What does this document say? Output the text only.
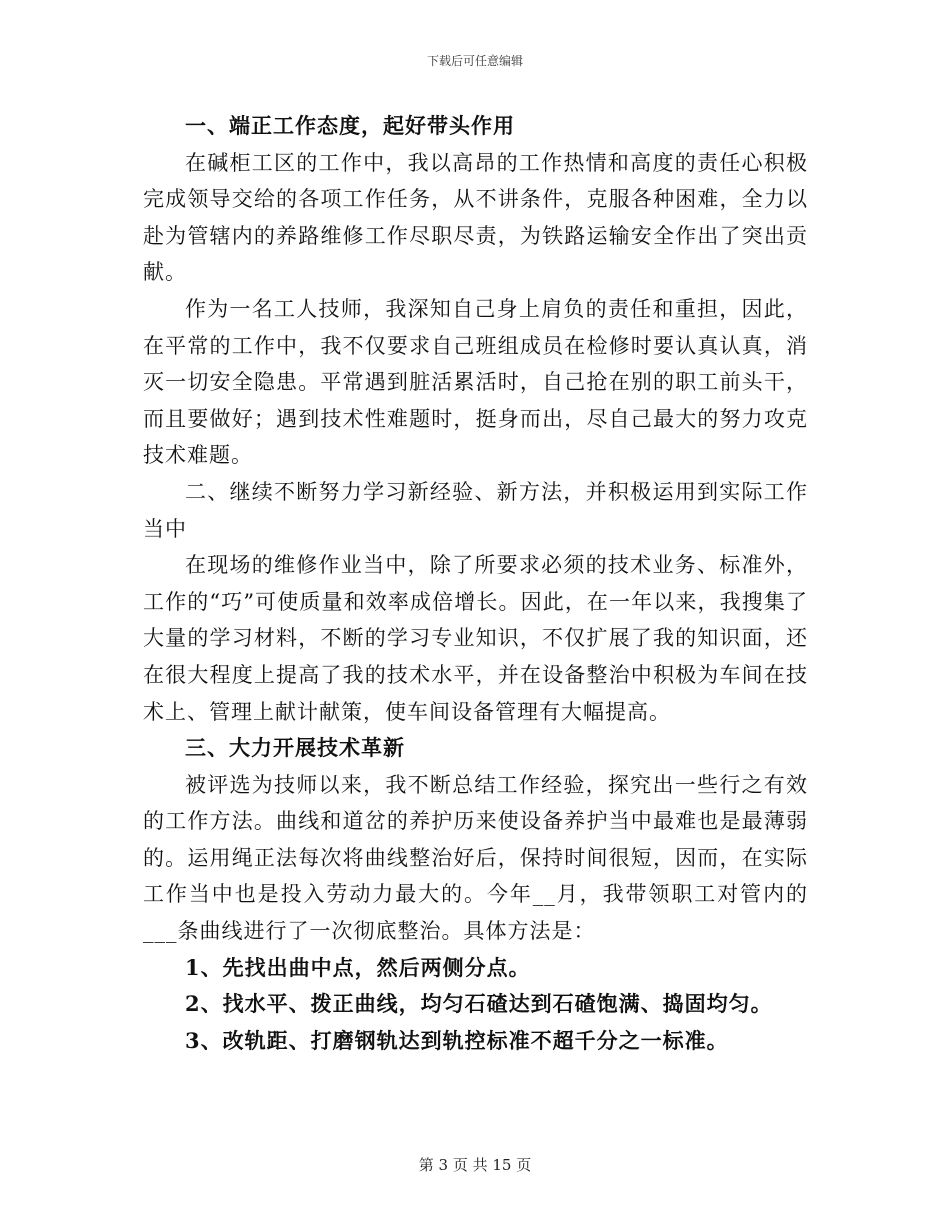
下载后可任意编辑

一、端正工作态度，起好带头作用

在碱柜工区的工作中，我以高昂的工作热情和高度的责任心积极完成领导交给的各项工作任务，从不讲条件，克服各种困难，全力以赴为管辖内的养路维修工作尽职尽责，为铁路运输安全作出了突出贡献。

作为一名工人技师，我深知自己身上肩负的责任和重担，因此，在平常的工作中，我不仅要求自己班组成员在检修时要认真认真，消灭一切安全隐患。平常遇到脏活累活时，自己抢在别的职工前头干，而且要做好；遇到技术性难题时，挺身而出，尽自己最大的努力攻克技术难题。

二、继续不断努力学习新经验、新方法，并积极运用到实际工作当中

在现场的维修作业当中，除了所要求必须的技术业务、标准外，工作的“巧”可使质量和效率成倍增长。因此，在一年以来，我搜集了大量的学习材料，不断的学习专业知识，不仅扩展了我的知识面，还在很大程度上提高了我的技术水平，并在设备整治中积极为车间在技术上、管理上献计献策，使车间设备管理有大幅提高。

三、大力开展技术革新

被评选为技师以来，我不断总结工作经验，探究出一些行之有效的工作方法。曲线和道岔的养护历来使设备养护当中最难也是最薄弱的。运用绳正法每次将曲线整治好后，保持时间很短，因而，在实际工作当中也是投入劳动力最大的。今年__月，我带领职工对管内的___条曲线进行了一次彻底整治。具体方法是：

1、先找出曲中点，然后两侧分点。

2、找水平、拨正曲线，均匀石碴达到石碴饱满、捣固均匀。

3、改轨距、打磨钢轨达到轨控标准不超千分之一标准。

第 3 页 共 15 页
